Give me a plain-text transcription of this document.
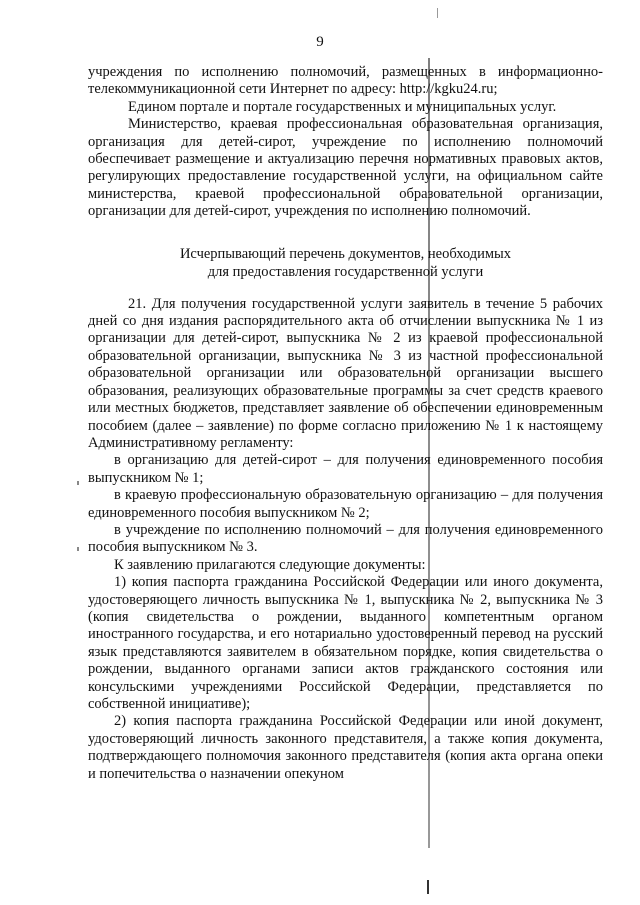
9

учреждения по исполнению полномочий, размещенных в информационно-телекоммуникационной сети Интернет по адресу: http://kgku24.ru;

Едином портале и портале государственных и муниципальных услуг.

Министерство, краевая профессиональная образовательная организация, организация для детей-сирот, учреждение по исполнению полномочий обеспечивает размещение и актуализацию перечня нормативных правовых актов, регулирующих предоставление государственной услуги, на официальном сайте министерства, краевой профессиональной образовательной организации, организации для детей-сирот, учреждения по исполнению полномочий.

Исчерпывающий перечень документов, необходимых
для предоставления государственной услуги

21. Для получения государственной услуги заявитель в течение 5 рабочих дней со дня издания распорядительного акта об отчислении выпускника № 1 из организации для детей-сирот, выпускника № 2 из краевой профессиональной образовательной организации, выпускника № 3 из частной профессиональной образовательной организации или образовательной организации высшего образования, реализующих образовательные программы за счет средств краевого или местных бюджетов, представляет заявление об обеспечении единовременным пособием (далее – заявление) по форме согласно приложению № 1 к настоящему Административному регламенту:

в организацию для детей-сирот – для получения единовременного пособия выпускником № 1;

в краевую профессиональную образовательную организацию – для получения единовременного пособия выпускником № 2;

в учреждение по исполнению полномочий – для получения единовременного пособия выпускником № 3.

К заявлению прилагаются следующие документы:

1) копия паспорта гражданина Российской Федерации или иного документа, удостоверяющего личность выпускника № 1, выпускника № 2, выпускника № 3 (копия свидетельства о рождении, выданного компетентным органом иностранного государства, и его нотариально удостоверенный перевод на русский язык представляются заявителем в обязательном порядке, копия свидетельства о рождении, выданного органами записи актов гражданского состояния или консульскими учреждениями Российской Федерации, представляется по собственной инициативе);

2) копия паспорта гражданина Российской Федерации или иной документ, удостоверяющий личность законного представителя, а также копия документа, подтверждающего полномочия законного представителя (копия акта органа опеки и попечительства о назначении опекуном
